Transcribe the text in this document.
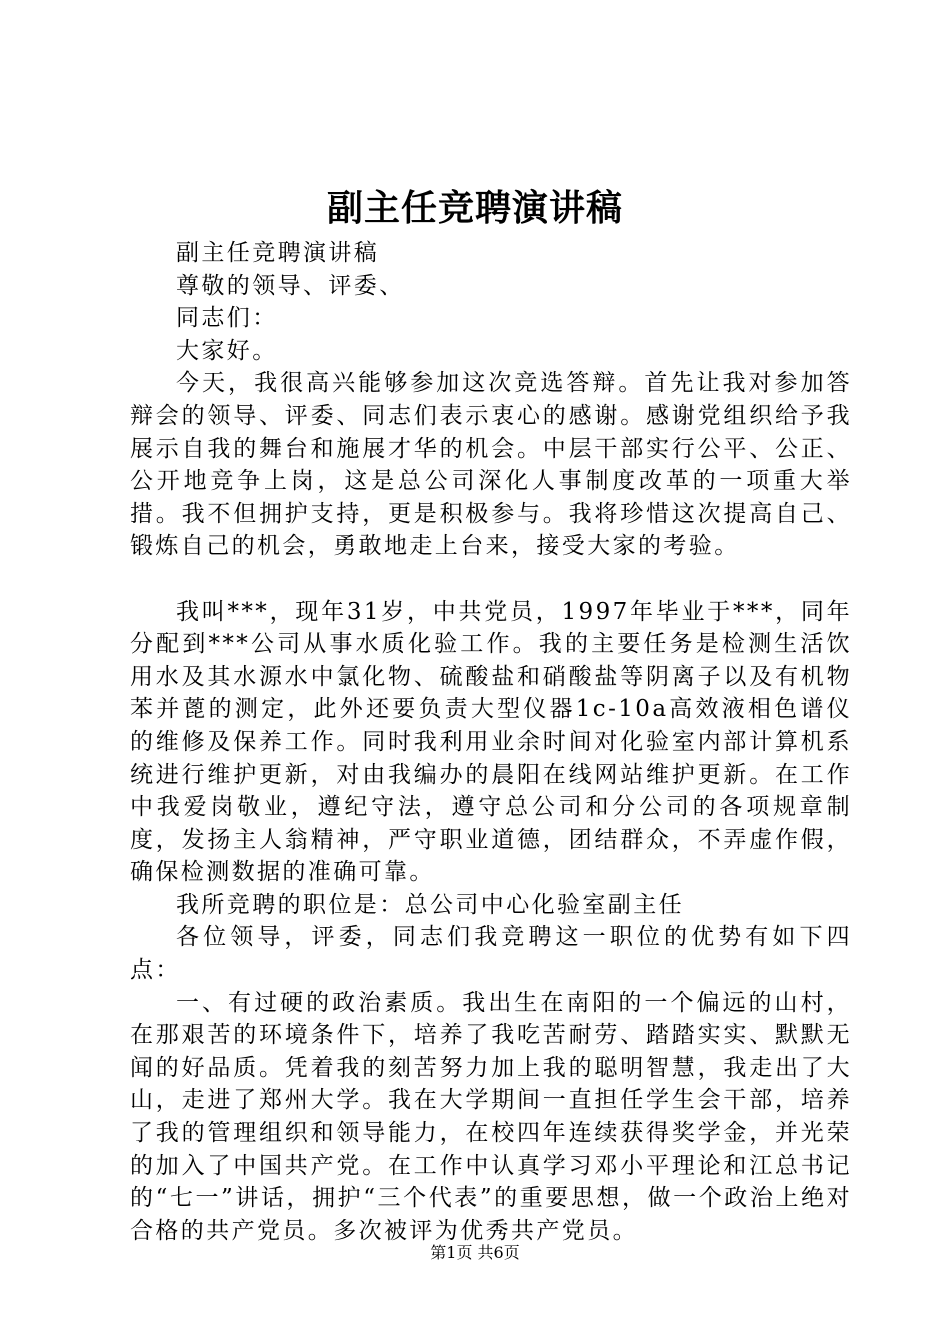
副主任竞聘演讲稿

副主任竞聘演讲稿

尊敬的领导、评委、

同志们：

大家好。

今天，我很高兴能够参加这次竞选答辩。首先让我对参加答辩会的领导、评委、同志们表示衷心的感谢。感谢党组织给予我展示自我的舞台和施展才华的机会。中层干部实行公平、公正、公开地竞争上岗，这是总公司深化人事制度改革的一项重大举措。我不但拥护支持，更是积极参与。我将珍惜这次提高自己、锻炼自己的机会，勇敢地走上台来，接受大家的考验。

我叫***，现年31岁，中共党员，1997年毕业于***，同年分配到***公司从事水质化验工作。我的主要任务是检测生活饮用水及其水源水中氯化物、硫酸盐和硝酸盐等阴离子以及有机物苯并蓖的测定，此外还要负责大型仪器1c-10a高效液相色谱仪的维修及保养工作。同时我利用业余时间对化验室内部计算机系统进行维护更新，对由我编办的晨阳在线网站维护更新。在工作中我爱岗敬业，遵纪守法，遵守总公司和分公司的各项规章制度，发扬主人翁精神，严守职业道德，团结群众，不弄虚作假，确保检测数据的准确可靠。

我所竞聘的职位是：总公司中心化验室副主任

各位领导，评委，同志们我竞聘这一职位的优势有如下四点：

一、有过硬的政治素质。我出生在南阳的一个偏远的山村，在那艰苦的环境条件下，培养了我吃苦耐劳、踏踏实实、默默无闻的好品质。凭着我的刻苦努力加上我的聪明智慧，我走出了大山，走进了郑州大学。我在大学期间一直担任学生会干部，培养了我的管理组织和领导能力，在校四年连续获得奖学金，并光荣的加入了中国共产党。在工作中认真学习邓小平理论和江总书记的“七一”讲话，拥护“三个代表”的重要思想，做一个政治上绝对合格的共产党员。多次被评为优秀共产党员。

第1页 共6页
